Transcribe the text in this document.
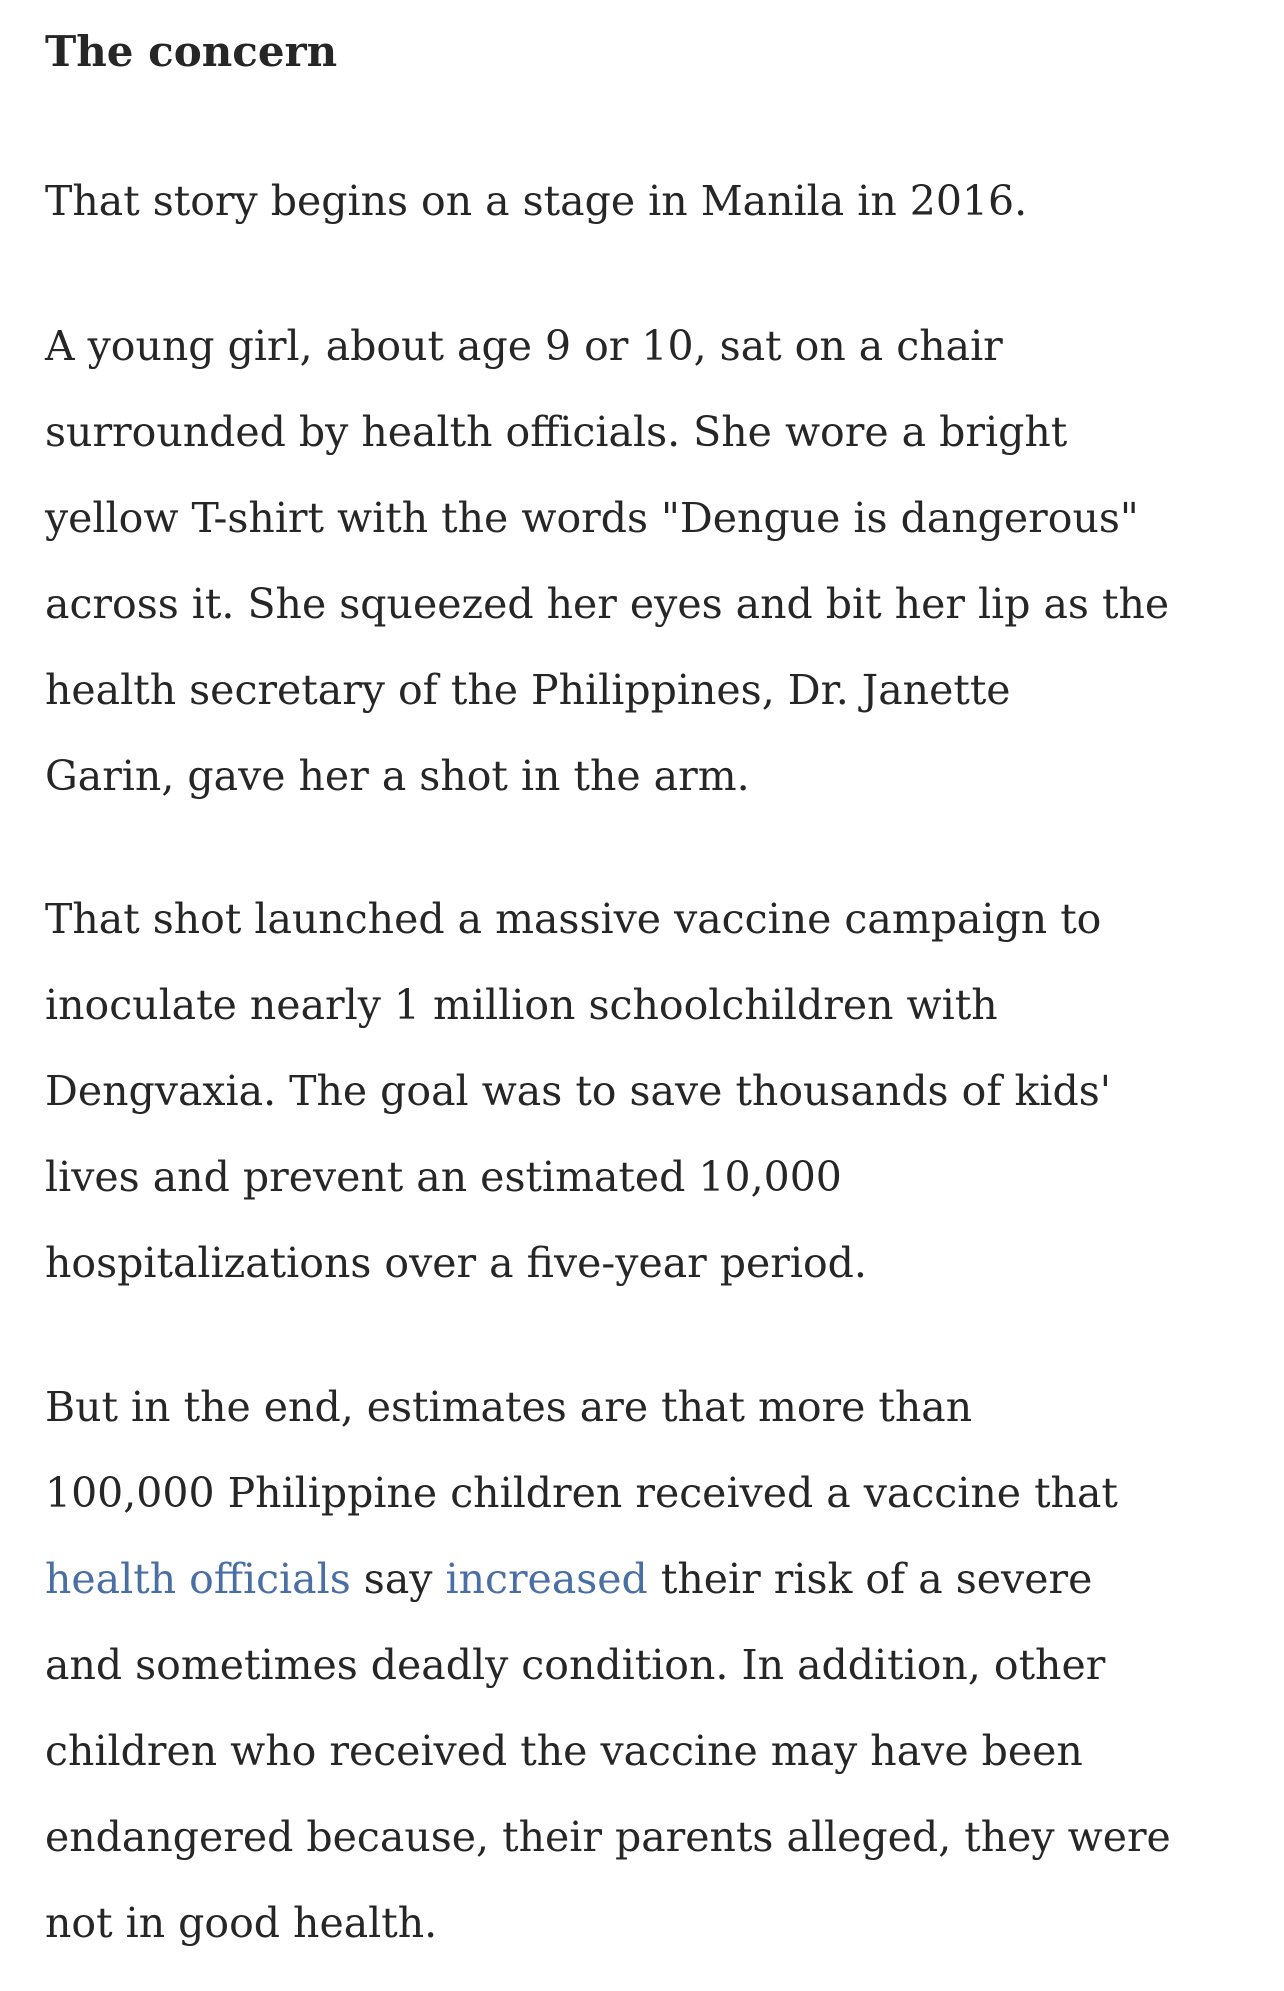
The concern

That story begins on a stage in Manila in 2016.

A young girl, about age 9 or 10, sat on a chair
surrounded by health officials. She wore a bright
yellow T-shirt with the words "Dengue is dangerous"
across it. She squeezed her eyes and bit her lip as the
health secretary of the Philippines, Dr. Janette
Garin, gave her a shot in the arm.

That shot launched a massive vaccine campaign to
inoculate nearly 1 million schoolchildren with
Dengvaxia. The goal was to save thousands of kids'
lives and prevent an estimated 10,000
hospitalizations over a five-year period.

But in the end, estimates are that more than
100,000 Philippine children received a vaccine that
health officials say increased their risk of a severe
and sometimes deadly condition. In addition, other
children who received the vaccine may have been
endangered because, their parents alleged, they were
not in good health.
